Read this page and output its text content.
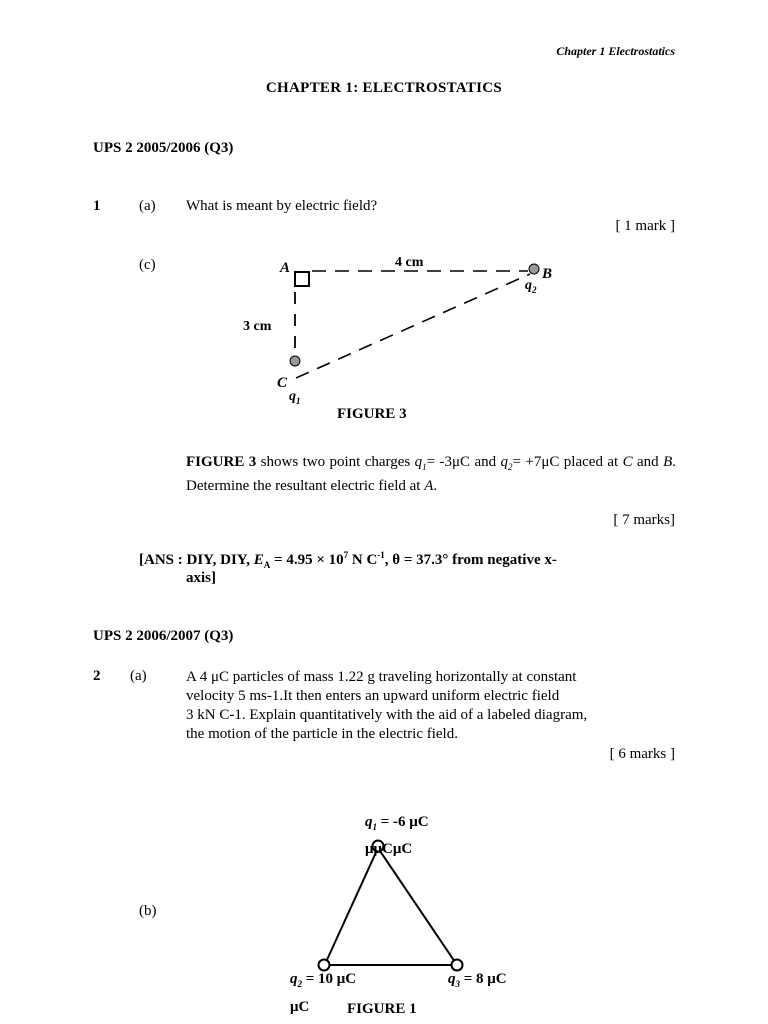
Chapter 1 Electrostatics
CHAPTER 1: ELECTROSTATICS
UPS 2 2005/2006 (Q3)
1	(a) What is meant by electric field?
[ 1 mark ]
(c)	A	B
C
4 cm
3 cm
$q_2$
$q_1$
FIGURE 3
FIGURE 3 shows two point charges $q_1= -3\mu C$ and $q_2= +7\mu C$ placed at C and B. Determine the resultant electric field at A.
[ 7 marks]
[ANS : DIY, DIY, $E_A = 4.95 \times 10^7$ N $C^{-1}$, θ = 37.3° from negative x-
axis]
UPS 2 2006/2007 (Q3)
2 (a)	A 4 μC particles of mass 1.22 g traveling horizontally at constant
velocity 5 ms-1.It then enters an upward uniform electric field
3 kN C-1. Explain quantitatively with the aid of a labeled diagram,
the motion of the particle in the electric field.
[ 6 marks ]
(b)
$q_1 = -6$ μC
μμCμC
$q_2 = 10$ μC
μC
$q_3 = 8$ μC
FIGURE 1
